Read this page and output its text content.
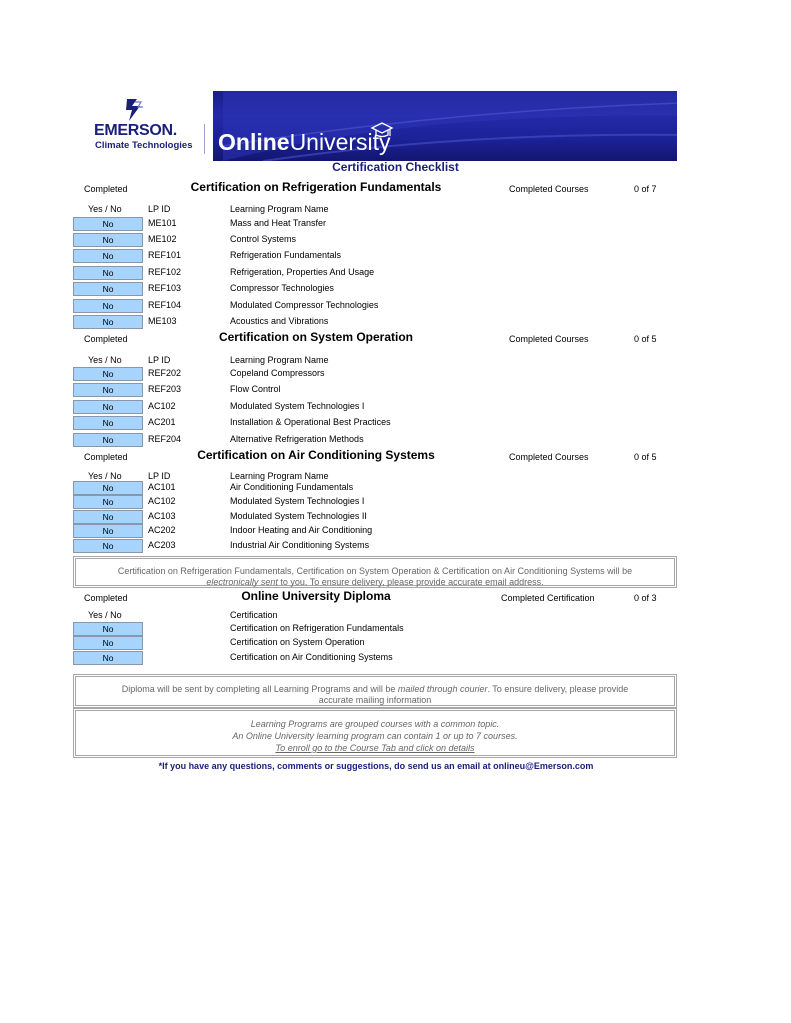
EMERSON.
Climate Technologies OnlineUniversity
Certification Checklist
Completed	Certification on Refrigeration Fundamentals	Completed Courses	0 of 7
Yes / No	LP ID	Learning Program Name
No	ME101	Mass and Heat Transfer
No	ME102	Control Systems
No	REF101	Refrigeration Fundamentals
No	REF102	Refrigeration, Properties And Usage
No	REF103	Compressor Technologies
No	REF104	Modulated Compressor Technologies
No	ME103	Acoustics and Vibrations
Completed	Certification on System Operation	Completed Courses	0 of 5
Yes / No	LP ID	Learning Program Name
No	REF202	Copeland Compressors
No	REF203	Flow Control
No	AC102	Modulated System Technologies I
No	AC201	Installation & Operational Best Practices
No	REF204	Alternative Refrigeration Methods
Completed	Certification on Air Conditioning Systems	Completed Courses	0 of 5
Yes / No	LP ID	Learning Program Name
No	AC101	Air Conditioning Fundamentals
No	AC102	Modulated System Technologies I
No	AC103	Modulated System Technologies II
No	AC202	Indoor Heating and Air Conditioning
No	AC203	Industrial Air Conditioning Systems
Certification on Refrigeration Fundamentals, Certification on System Operation & Certification on Air Conditioning Systems will be
electronically sent to you. To ensure delivery, please provide accurate email address.
Completed	Online University Diploma	Completed Certification	0 of 3
Yes / No	Certification
No	Certification on Refrigeration Fundamentals
No	Certification on System Operation
No	Certification on Air Conditioning Systems
Diploma will be sent by completing all Learning Programs and will be mailed through courier. To ensure delivery, please provide
accurate mailing information
Learning Programs are grouped courses with a common topic.
An Online University learning program can contain 1 or up to 7 courses.
To enroll go to the Course Tab and click on details
*If you have any questions, comments or suggestions, do send us an email at onlineu@Emerson.com
